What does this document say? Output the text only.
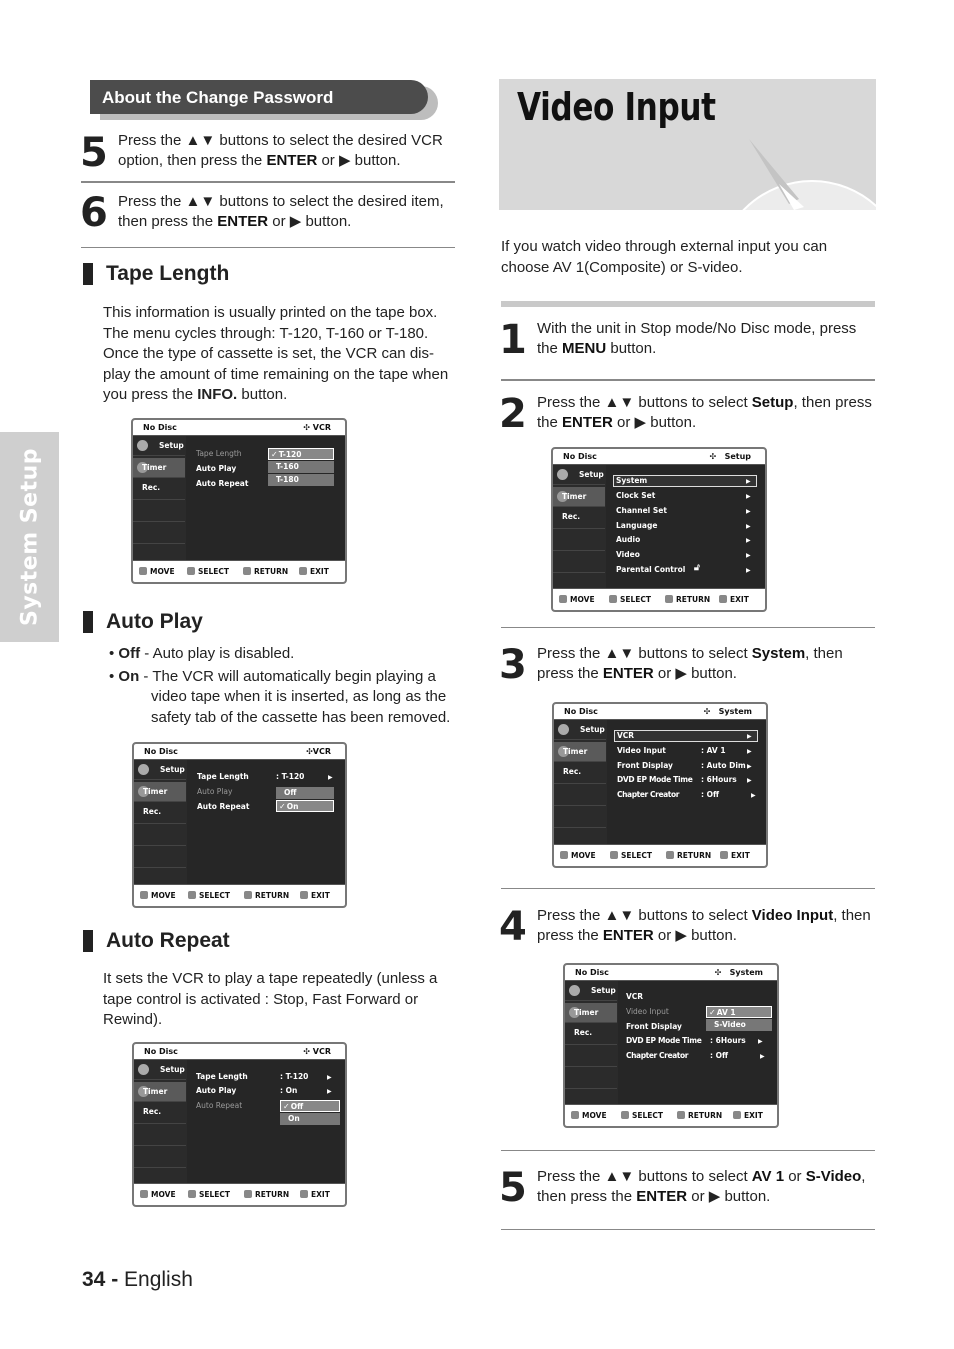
System Setup
About the Change Password
5 Press the ▲▼ buttons to select the desired VCR
option, then press the ENTER or ▶ button.
6 Press the ▲▼ buttons to select the desired item,
then press the ENTER or ▶ button.
Tape Length
This information is usually printed on the tape box.
The menu cycles through: T-120, T-160 or T-180.
Once the type of cassette is set, the VCR can dis-
play the amount of time remaining on the tape when
you press the INFO. button.
No Disc	✣ VCR
Setup
Timer Rec.
Tape Length
Auto Play
Auto Repeat
✓T-120
T-160
T-180
MOVE	SELECT	RETURN	EXIT
Auto Play
• Off - Auto play is disabled.
• On - The VCR will automatically begin playing a
video tape when it is inserted, as long as the
safety tab of the cassette has been removed.
No Disc	✣VCR
Setup
Timer Rec.
Tape Length	: T-120	▶
Auto Play
Auto Repeat
Off
✓On
MOVE	SELECT	RETURN	EXIT
Auto Repeat
It sets the VCR to play a tape repeatedly (unless a
tape control is activated : Stop, Fast Forward or
Rewind).
No Disc	✣ VCR
Setup
Timer Rec.
Tape Length	: T-120	▶
Auto Play	: On	▶
Auto Repeat	✓Off
On
MOVE	SELECT	RETURN	EXIT
34 - English
Video Input
If you watch video through external input you can
choose AV 1(Composite) or S-video.
1 With the unit in Stop mode/No Disc mode, press
the MENU button.
2 Press the ▲▼ buttons to select Setup, then press
the ENTER or ▶ button.
No Disc	✣   Setup
Setup
Timer Rec.
System	▶
Clock Set	▶
Channel Set	▶
Language	▶
Audio	▶
Video	▶
Parental Control 🔓︎	▶
MOVE	SELECT	RETURN	EXIT
3 Press the ▲▼ buttons to select System, then
press the ENTER or ▶ button.
No Disc	✣   System
Setup
Timer Rec.
VCR	▶
Video Input	: AV 1	▶
Front Display	: Auto Dim ▶
DVD EP Mode Time : 6Hours ▶
Chapter Creator	: Off	▶
MOVE	SELECT	RETURN	EXIT
4 Press the ▲▼ buttons to select Video Input, then
press the ENTER or ▶ button.
No Disc	✣   System
Setup
Timer Rec.
VCR
Video Input	✓AV 1
S-Video
Front Display
DVD EP Mode Time : 6Hours ▶
Chapter Creator	: Off	▶
MOVE	SELECT	RETURN	EXIT
5 Press the ▲▼ buttons to select AV 1 or S-Video,
then press the ENTER or ▶ button.
